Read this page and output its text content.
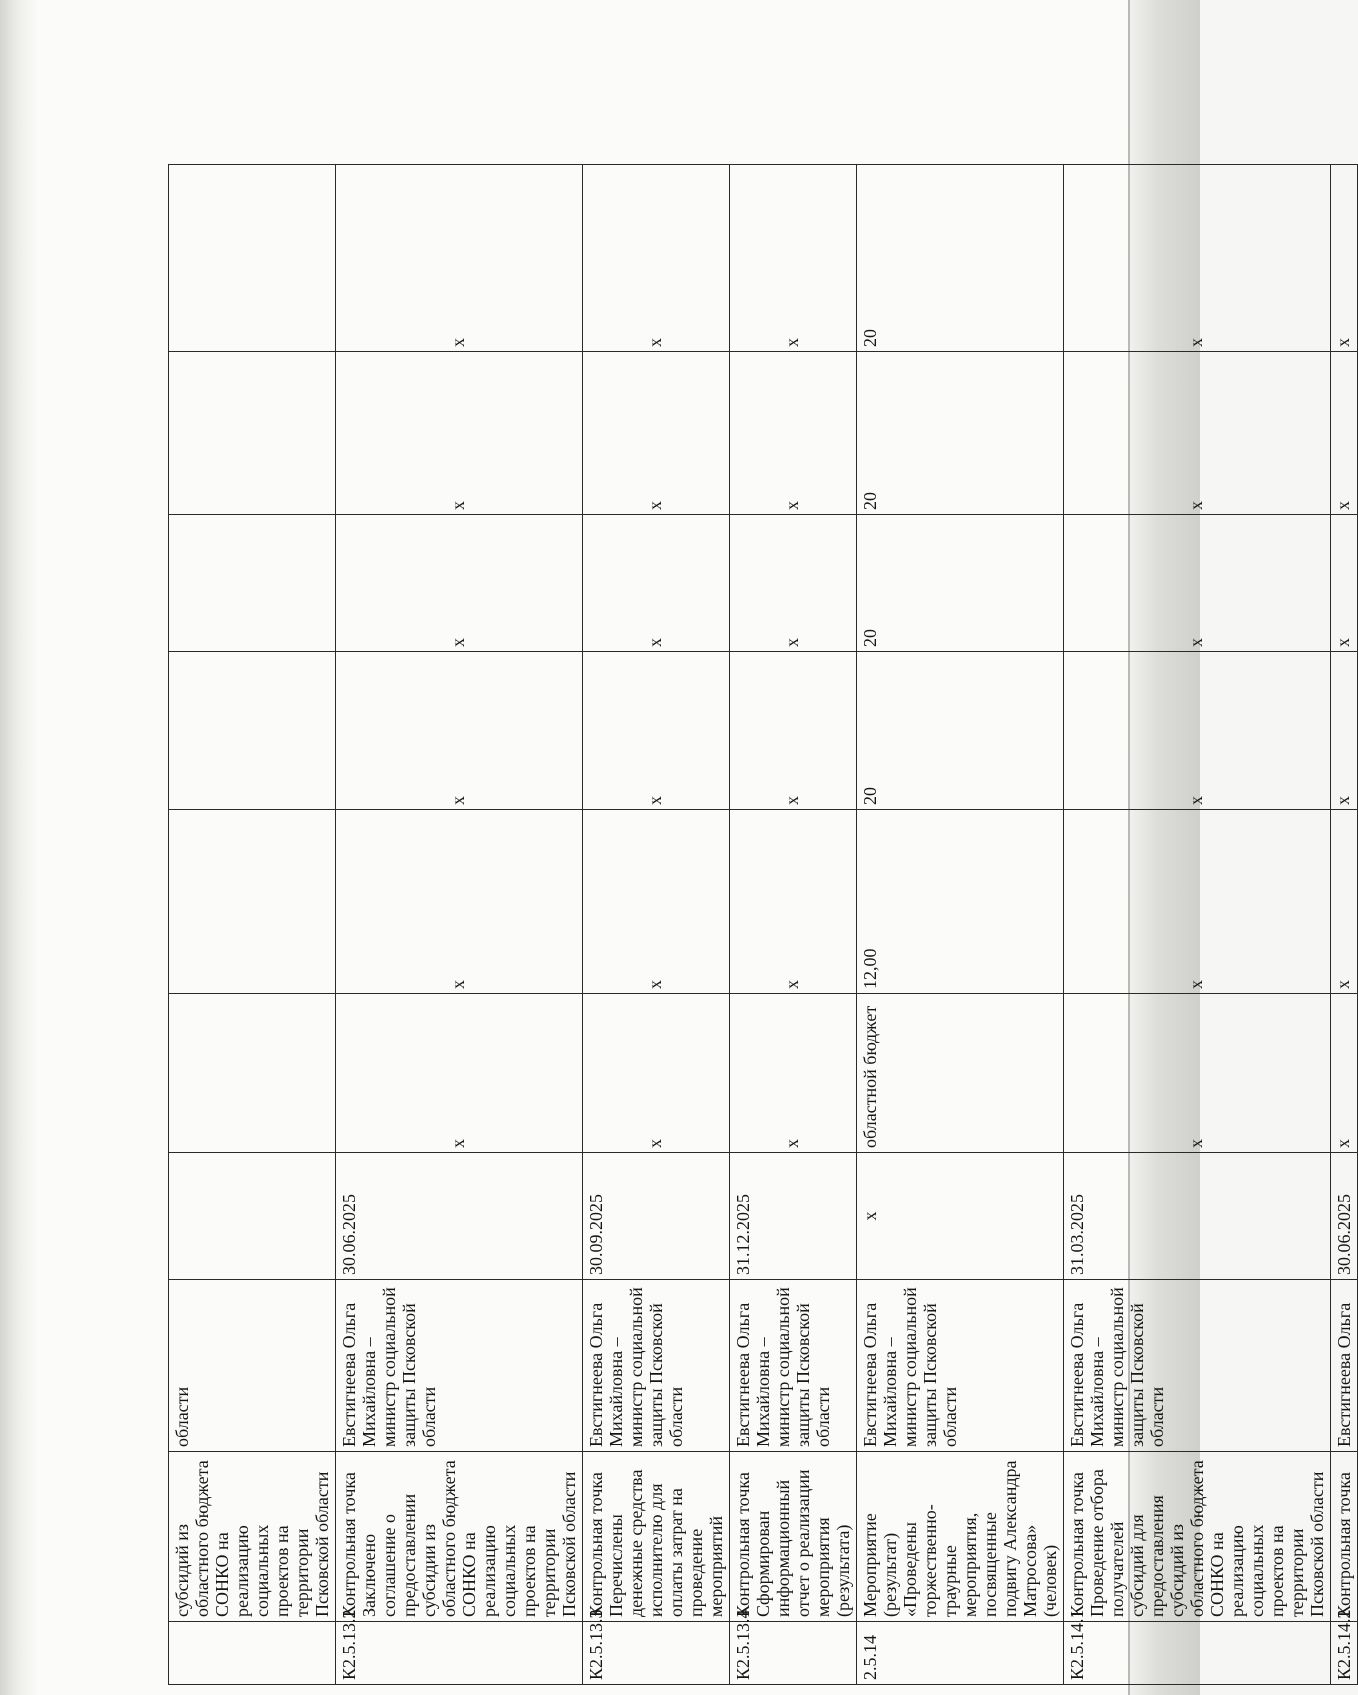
	субсидий из областного бюджета СОНКО на реализацию социальных проектов на территории Псковской области	области							
К2.5.13.2	Контрольная точка Заключено соглашение о предоставлении субсидии из областного бюджета СОНКО на реализацию социальных проектов на территории Псковской области	Евстигнеева Ольга Михайловна – министр социальной защиты Псковской области	30.06.2025	х	х	х	х	х	х
К2.5.13.3	Контрольная точка Перечислены денежные средства исполнителю для оплаты затрат на проведение мероприятий	Евстигнеева Ольга Михайловна – министр социальной защиты Псковской области	30.09.2025	х	х	х	х	х	х
К2.5.13.4	Контрольная точка Сформирован информационный отчет о реализации мероприятия (результата)	Евстигнеева Ольга Михайловна – министр социальной защиты Псковской области	31.12.2025	х	х	х	х	х	х
2.5.14	Мероприятие (результат) «Проведены торжественно-траурные мероприятия, посвященные подвигу Александра Матросова» (человек)	Евстигнеева Ольга Михайловна – министр социальной защиты Псковской области	х	областной бюджет	12,00	20	20	20	20
К2.5.14.1	Контрольная точка Проведение отбора получателей субсидий для предоставления субсидий из областного бюджета СОНКО на реализацию социальных проектов на территории Псковской области	Евстигнеева Ольга Михайловна – министр социальной защиты Псковской области	31.03.2025	х	х	х	х	х	х
К2.5.14.2	Контрольная точка	Евстигнеева Ольга	30.06.2025	х	х	х	х	х	х
